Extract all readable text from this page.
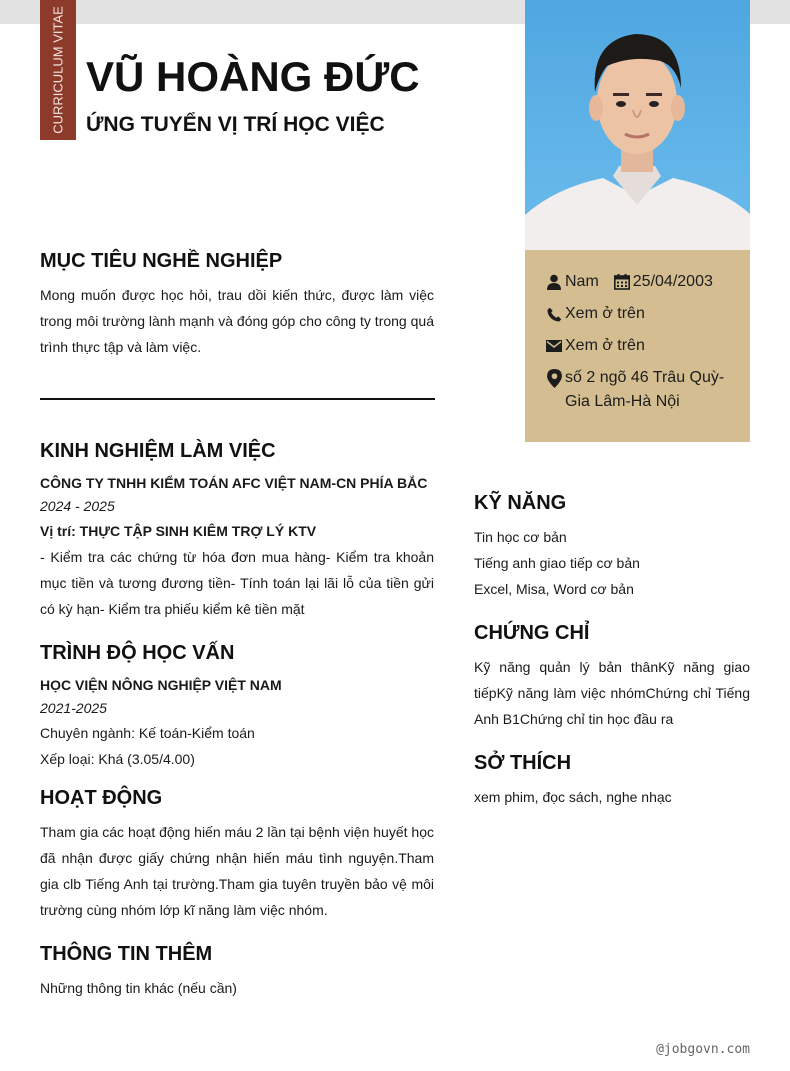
CURRICULUM VITAE VŨ HOÀNG ĐỨC
ỨNG TUYỂN VỊ TRÍ HỌC VIỆC
Nam 25/04/2003
Xem ở trên
Xem ở trên
số 2 ngõ 46 Trâu Quỳ-
Gia Lâm-Hà Nội
MỤC TIÊU NGHỀ NGHIỆP

Mong muốn được học hỏi, trau dồi kiến thức, được làm việc trong môi trường lành mạnh và đóng góp cho công ty trong quá trình thực tập và làm việc.

KINH NGHIỆM LÀM VIỆC
CÔNG TY TNHH KIỂM TOÁN AFC VIỆT NAM-CN PHÍA BẮC
2024 - 2025
Vị trí: THỰC TẬP SINH KIÊM TRỢ LÝ KTV

- Kiểm tra các chứng từ hóa đơn mua hàng- Kiểm tra khoản mục tiền và tương đương tiền- Tính toán lại lãi lỗ của tiền gửi có kỳ hạn- Kiểm tra phiếu kiểm kê tiền mặt

TRÌNH ĐỘ HỌC VẤN
HỌC VIỆN NÔNG NGHIỆP VIỆT NAM
2021-2025
Chuyên ngành: Kế toán-Kiểm toán
Xếp loại: Khá (3.05/4.00)
HOẠT ĐỘNG

Tham gia các hoạt động hiến máu 2 lần tại bệnh viện huyết học đã nhận được giấy chứng nhận hiến máu tình nguyện.Tham gia clb Tiếng Anh tại trường.Tham gia tuyên truyền bảo vệ môi trường cùng nhóm lớp kĩ năng làm việc nhóm.

THÔNG TIN THÊM
Những thông tin khác (nếu cần)
KỸ NĂNG
Tin học cơ bản
Tiếng anh giao tiếp cơ bản
Excel, Misa, Word cơ bản
CHỨNG CHỈ

Kỹ năng quản lý bản thânKỹ năng giao tiếpKỹ năng làm việc nhómChứng chỉ Tiếng Anh B1Chứng chỉ tin học đầu ra

SỞ THÍCH
xem phim, đọc sách, nghe nhạc
@jobgovn.com
